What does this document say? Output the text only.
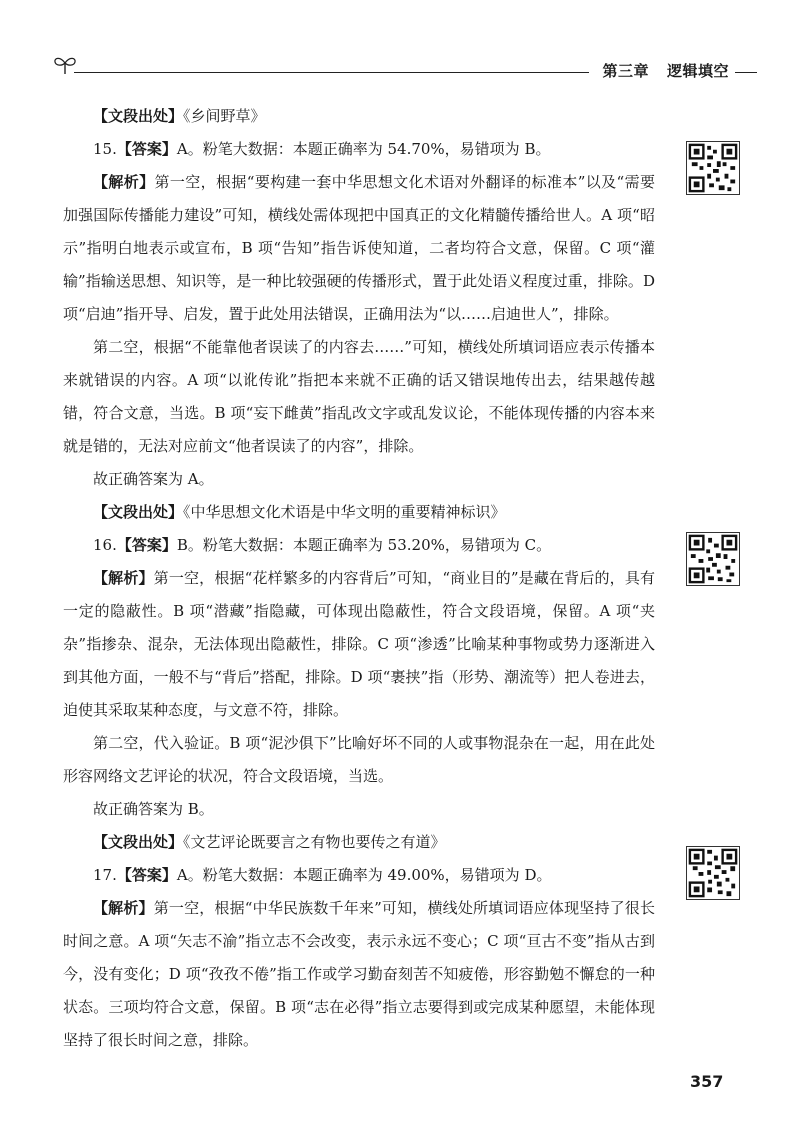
第三章 逻辑填空

【文段出处】《乡间野草》

15.【答案】A。粉笔大数据：本题正确率为 54.70%，易错项为 B。

【解析】第一空，根据“要构建一套中华思想文化术语对外翻译的标准本”以及“需要加强国际传播能力建设”可知，横线处需体现把中国真正的文化精髓传播给世人。A 项“昭示”指明白地表示或宣布，B 项“告知”指告诉使知道，二者均符合文意，保留。C 项“灌输”指输送思想、知识等，是一种比较强硬的传播形式，置于此处语义程度过重，排除。D 项“启迪”指开导、启发，置于此处用法错误，正确用法为“以……启迪世人”，排除。

第二空，根据“不能靠他者误读了的内容去……”可知，横线处所填词语应表示传播本来就错误的内容。A 项“以讹传讹”指把本来就不正确的话又错误地传出去，结果越传越错，符合文意，当选。B 项“妄下雌黄”指乱改文字或乱发议论，不能体现传播的内容本来就是错的，无法对应前文“他者误读了的内容”，排除。

故正确答案为 A。

【文段出处】《中华思想文化术语是中华文明的重要精神标识》

16.【答案】B。粉笔大数据：本题正确率为 53.20%，易错项为 C。

【解析】第一空，根据“花样繁多的内容背后”可知，“商业目的”是藏在背后的，具有一定的隐蔽性。B 项“潜藏”指隐藏，可体现出隐蔽性，符合文段语境，保留。A 项“夹杂”指掺杂、混杂，无法体现出隐蔽性，排除。C 项“渗透”比喻某种事物或势力逐渐进入到其他方面，一般不与“背后”搭配，排除。D 项“裹挟”指（形势、潮流等）把人卷进去，迫使其采取某种态度，与文意不符，排除。

第二空，代入验证。B 项“泥沙俱下”比喻好坏不同的人或事物混杂在一起，用在此处形容网络文艺评论的状况，符合文段语境，当选。

故正确答案为 B。

【文段出处】《文艺评论既要言之有物也要传之有道》

17.【答案】A。粉笔大数据：本题正确率为 49.00%，易错项为 D。

【解析】第一空，根据“中华民族数千年来”可知，横线处所填词语应体现坚持了很长时间之意。A 项“矢志不渝”指立志不会改变，表示永远不变心；C 项“亘古不变”指从古到今，没有变化；D 项“孜孜不倦”指工作或学习勤奋刻苦不知疲倦，形容勤勉不懈怠的一种状态。三项均符合文意，保留。B 项“志在必得”指立志要得到或完成某种愿望，未能体现坚持了很长时间之意，排除。

357
